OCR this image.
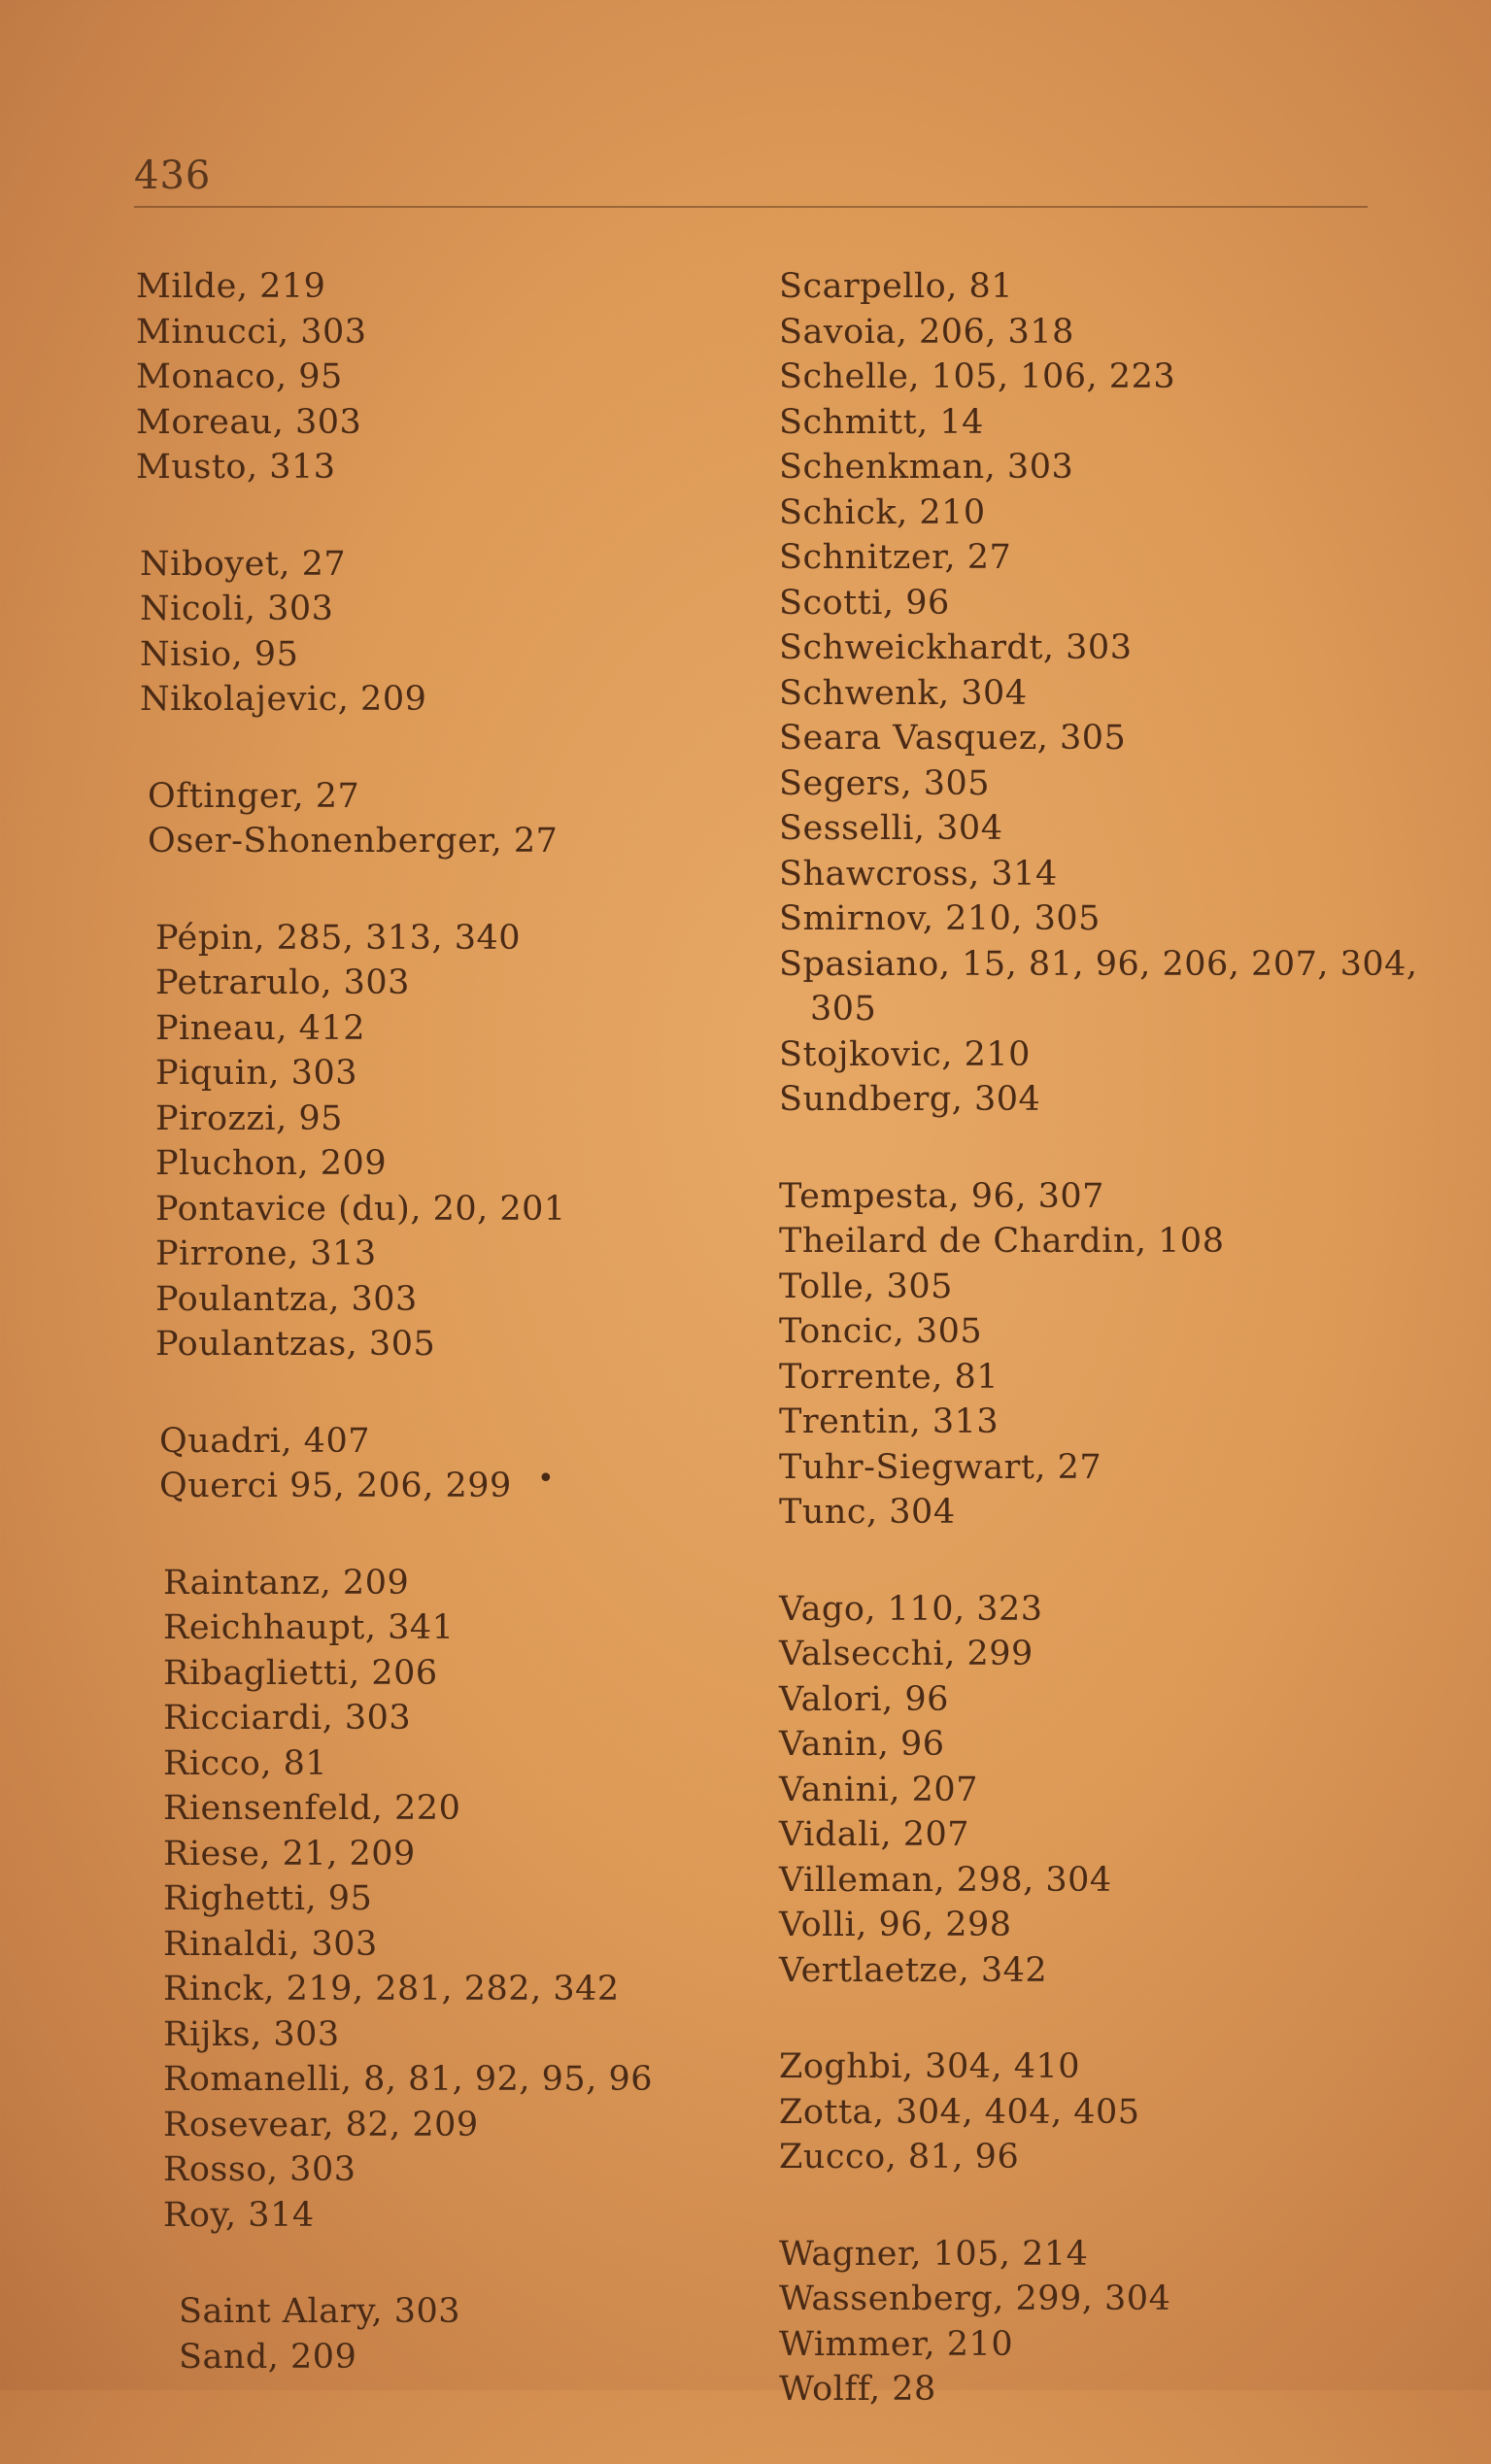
436
Milde, 219
Minucci, 303
Monaco, 95
Moreau, 303
Musto, 313
Niboyet, 27
Nicoli, 303
Nisio, 95
Nikolajevic, 209
Oftinger, 27
Oser-Shonenberger, 27
Pépin, 285, 313, 340
Petrarulo, 303
Pineau, 412
Piquin, 303
Pirozzi, 95
Pluchon, 209
Pontavice (du), 20, 201
Pirrone, 313
Poulantza, 303
Poulantzas, 305
Quadri, 407
Querci 95, 206, 299
Raintanz, 209
Reichhaupt, 341
Ribaglietti, 206
Ricciardi, 303
Ricco, 81
Riensenfeld, 220
Riese, 21, 209
Righetti, 95
Rinaldi, 303
Rinck, 219, 281, 282, 342
Rijks, 303
Romanelli, 8, 81, 92, 95, 96
Rosevear, 82, 209
Rosso, 303
Roy, 314
Saint Alary, 303
Sand, 209
Scarpello, 81
Savoia, 206, 318
Schelle, 105, 106, 223
Schmitt, 14
Schenkman, 303
Schick, 210
Schnitzer, 27
Scotti, 96
Schweickhardt, 303
Schwenk, 304
Seara Vasquez, 305
Segers, 305
Sesselli, 304
Shawcross, 314
Smirnov, 210, 305
Spasiano, 15, 81, 96, 206, 207, 304,
305
Stojkovic, 210
Sundberg, 304
Tempesta, 96, 307
Theilard de Chardin, 108
Tolle, 305
Toncic, 305
Torrente, 81
Trentin, 313
Tuhr-Siegwart, 27
Tunc, 304
Vago, 110, 323
Valsecchi, 299
Valori, 96
Vanin, 96
Vanini, 207
Vidali, 207
Villeman, 298, 304
Volli, 96, 298
Vertlaetze, 342
Zoghbi, 304, 410
Zotta, 304, 404, 405
Zucco, 81, 96
Wagner, 105, 214
Wassenberg, 299, 304
Wimmer, 210
Wolff, 28
•
